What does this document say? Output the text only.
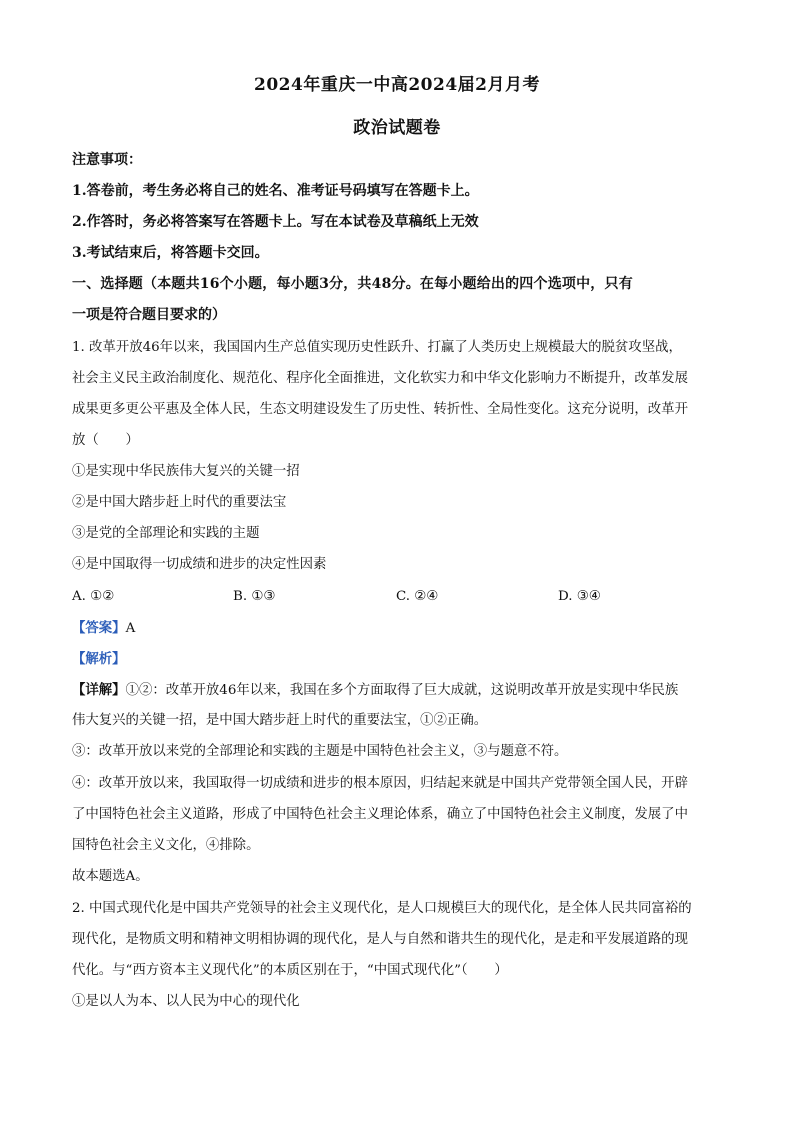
2024年重庆一中高2024届2月月考
政治试题卷
注意事项：
1.答卷前，考生务必将自己的姓名、准考证号码填写在答题卡上。
2.作答时，务必将答案写在答题卡上。写在本试卷及草稿纸上无效
3.考试结束后，将答题卡交回。
一、选择题（本题共16个小题，每小题3分，共48分。在每小题给出的四个选项中，只有
一项是符合题目要求的）
1. 改革开放46年以来，我国国内生产总值实现历史性跃升、打赢了人类历史上规模最大的脱贫攻坚战，
社会主义民主政治制度化、规范化、程序化全面推进，文化软实力和中华文化影响力不断提升，改革发展
成果更多更公平惠及全体人民，生态文明建设发生了历史性、转折性、全局性变化。这充分说明，改革开
放（　　）
①是实现中华民族伟大复兴的关键一招
②是中国大踏步赶上时代的重要法宝
③是党的全部理论和实践的主题
④是中国取得一切成绩和进步的决定性因素
A. ①②	B. ①③	C. ②④	D. ③④
【答案】A
【解析】
【详解】①②：改革开放46年以来，我国在多个方面取得了巨大成就，这说明改革开放是实现中华民族
伟大复兴的关键一招，是中国大踏步赶上时代的重要法宝，①②正确。
③：改革开放以来党的全部理论和实践的主题是中国特色社会主义，③与题意不符。
④：改革开放以来，我国取得一切成绩和进步的根本原因，归结起来就是中国共产党带领全国人民，开辟
了中国特色社会主义道路，形成了中国特色社会主义理论体系，确立了中国特色社会主义制度，发展了中
国特色社会主义文化，④排除。
故本题选A。
2. 中国式现代化是中国共产党领导的社会主义现代化，是人口规模巨大的现代化，是全体人民共同富裕的
现代化，是物质文明和精神文明相协调的现代化，是人与自然和谐共生的现代化，是走和平发展道路的现
代化。与“西方资本主义现代化”的本质区别在于，“中国式现代化”（　　）
①是以人为本、以人民为中心的现代化
